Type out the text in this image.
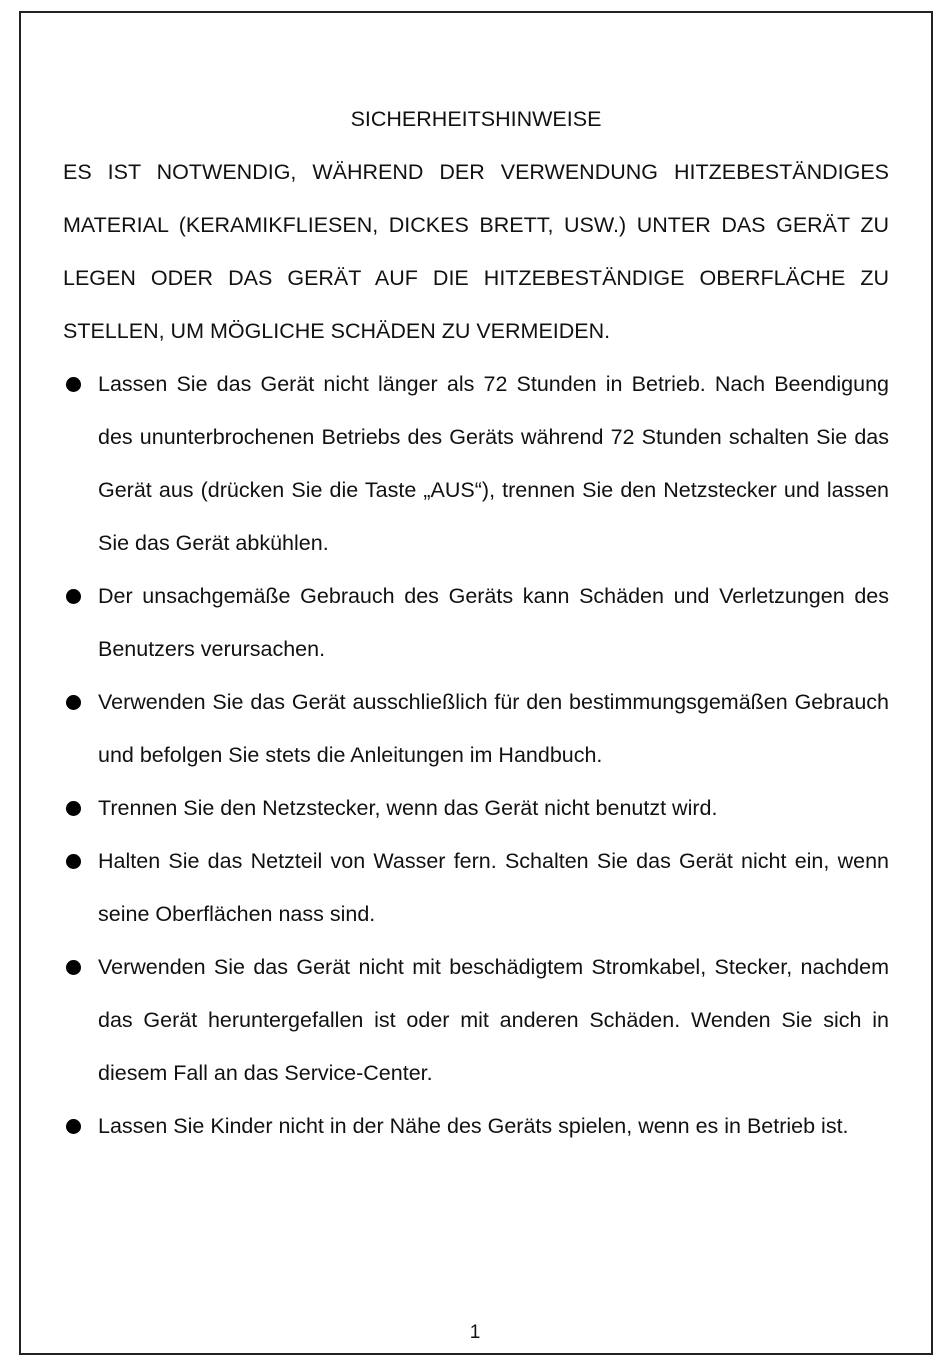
SICHERHEITSHINWEISE

ES IST NOTWENDIG, WÄHREND DER VERWENDUNG HITZEBESTÄNDIGES MATERIAL (KERAMIKFLIESEN, DICKES BRETT, USW.) UNTER DAS GERÄT ZU LEGEN ODER DAS GERÄT AUF DIE HITZEBESTÄNDIGE OBERFLÄCHE ZU STELLEN, UM MÖGLICHE SCHÄDEN ZU VERMEIDEN.

Lassen Sie das Gerät nicht länger als 72 Stunden in Betrieb. Nach Beendigung des ununterbrochenen Betriebs des Geräts während 72 Stunden schalten Sie das Gerät aus (drücken Sie die Taste „AUS“), trennen Sie den Netzstecker und lassen Sie das Gerät abkühlen.
Der unsachgemäße Gebrauch des Geräts kann Schäden und Verletzungen des Benutzers verursachen.
Verwenden Sie das Gerät ausschließlich für den bestimmungsgemäßen Gebrauch und befolgen Sie stets die Anleitungen im Handbuch.
Trennen Sie den Netzstecker, wenn das Gerät nicht benutzt wird.
Halten Sie das Netzteil von Wasser fern. Schalten Sie das Gerät nicht ein, wenn seine Oberflächen nass sind.
Verwenden Sie das Gerät nicht mit beschädigtem Stromkabel, Stecker, nachdem das Gerät heruntergefallen ist oder mit anderen Schäden. Wenden Sie sich in diesem Fall an das Service-Center.
Lassen Sie Kinder nicht in der Nähe des Geräts spielen, wenn es in Betrieb ist.
1
